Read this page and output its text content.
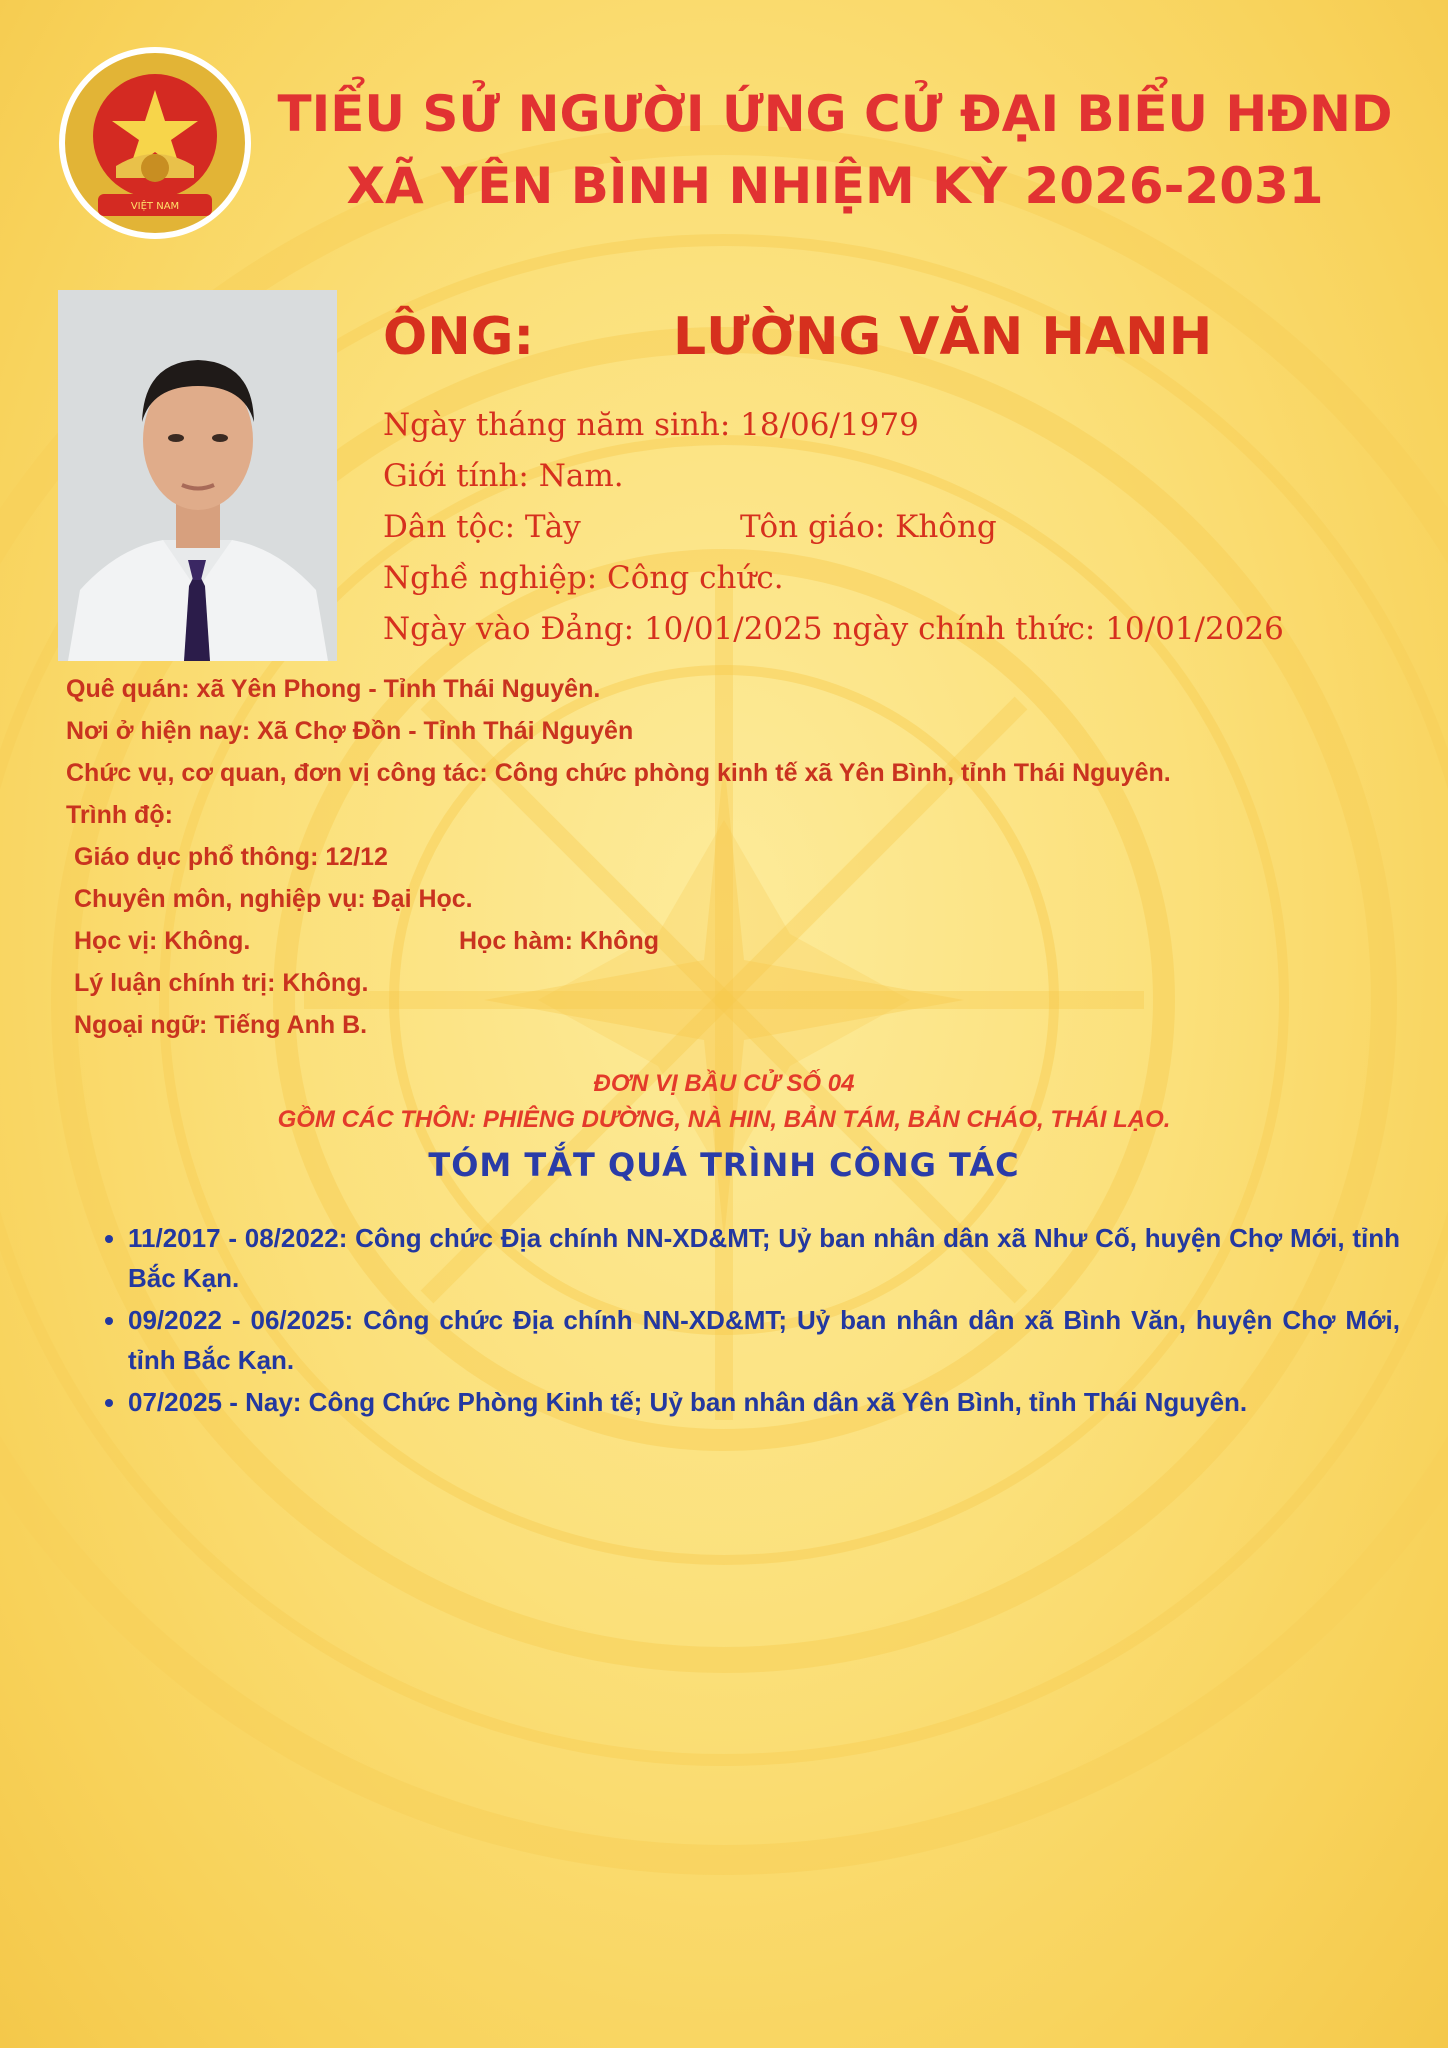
VIỆT NAM
TIỂU SỬ NGƯỜI ỨNG CỬ ĐẠI BIỂU HĐND
XÃ YÊN BÌNH NHIỆM KỲ 2026-2031
ÔNG:	LƯỜNG VĂN HANH
Ngày tháng năm sinh: 18/06/1979
Giới tính: Nam.
Dân tộc: Tày	Tôn giáo: Không
Nghề nghiệp: Công chức.
Ngày vào Đảng: 10/01/2025 ngày chính thức: 10/01/2026
Quê quán: xã Yên Phong - Tỉnh Thái Nguyên.
Nơi ở hiện nay: Xã Chợ Đồn - Tỉnh Thái Nguyên
Chức vụ, cơ quan, đơn vị công tác: Công chức phòng kinh tế xã Yên Bình, tỉnh Thái Nguyên.
Trình độ:
Giáo dục phổ thông: 12/12
Chuyên môn, nghiệp vụ: Đại Học.
Học vị: Không.	Học hàm: Không
Lý luận chính trị: Không.
Ngoại ngữ: Tiếng Anh B.
ĐƠN VỊ BẦU CỬ SỐ 04
GỒM CÁC THÔN: PHIÊNG DƯỜNG, NÀ HIN, BẢN TÁM, BẢN CHÁO, THÁI LẠO.
TÓM TẮT QUÁ TRÌNH CÔNG TÁC
• 11/2017 - 08/2022: Công chức Địa chính NN-XD&MT; Uỷ ban nhân dân xã Như Cố, huyện Chợ Mới, tỉnh Bắc Kạn.
• 09/2022 - 06/2025: Công chức Địa chính NN-XD&MT; Uỷ ban nhân dân xã Bình Văn, huyện Chợ Mới, tỉnh Bắc Kạn.
• 07/2025 - Nay: Công Chức Phòng Kinh tế; Uỷ ban nhân dân xã Yên Bình, tỉnh Thái Nguyên.
